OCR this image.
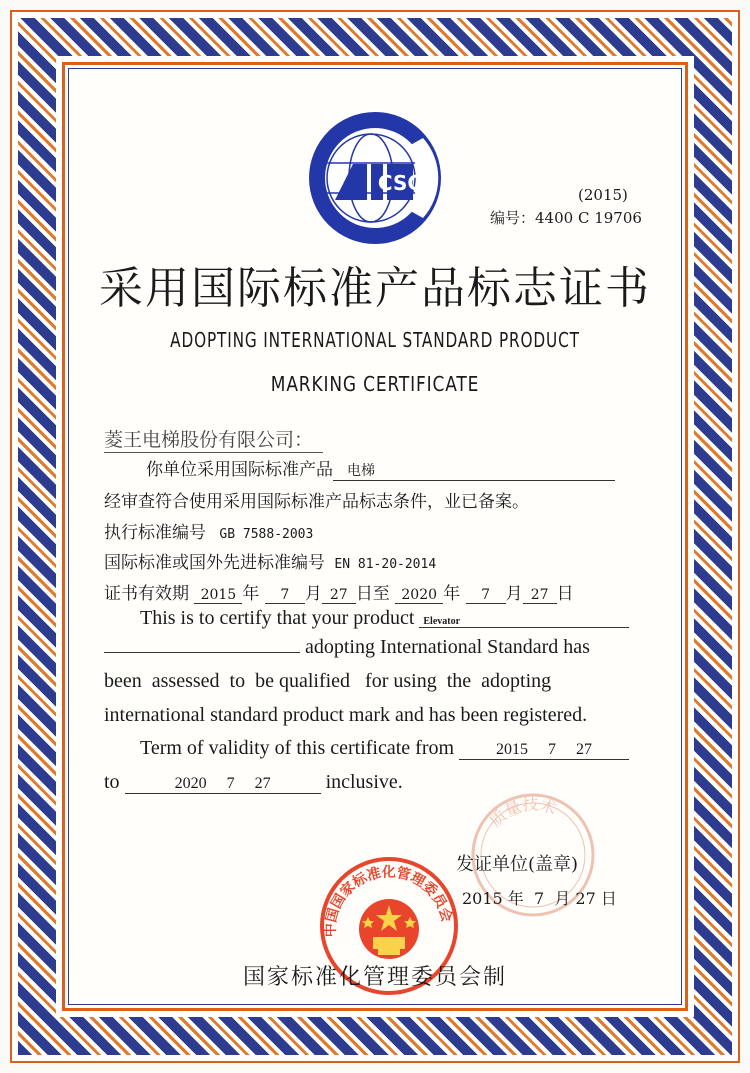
CSC	(2015)
编号：4400 C 19706
采用国际标准产品标志证书
ADOPTING INTERNATIONAL STANDARD PRODUCT
MARKING CERTIFICATE
菱王电梯股份有限公司：
你单位采用国际标准产品 电梯
经审查符合使用采用国际标准产品标志条件，业已备案。
执行标准编号 GB 7588-2003
国际标准或国外先进标准编号 EN 81-20-2014
证书有效期 2015 年 7 月 27 日至 2020 年 7 月 27 日
This is to certify that your product Elevator
adopting International Standard has
been  assessed  to  be qualified   for using  the  adopting
international standard product mark and has been registered.
Term of validity of this certificate from	2015     7     27
to	2020     7     27	inclusive.
质量技术
中国国家标准化管理委员会
发证单位(盖章)
2015 年  7  月 27 日
国家标准化管理委员会制
